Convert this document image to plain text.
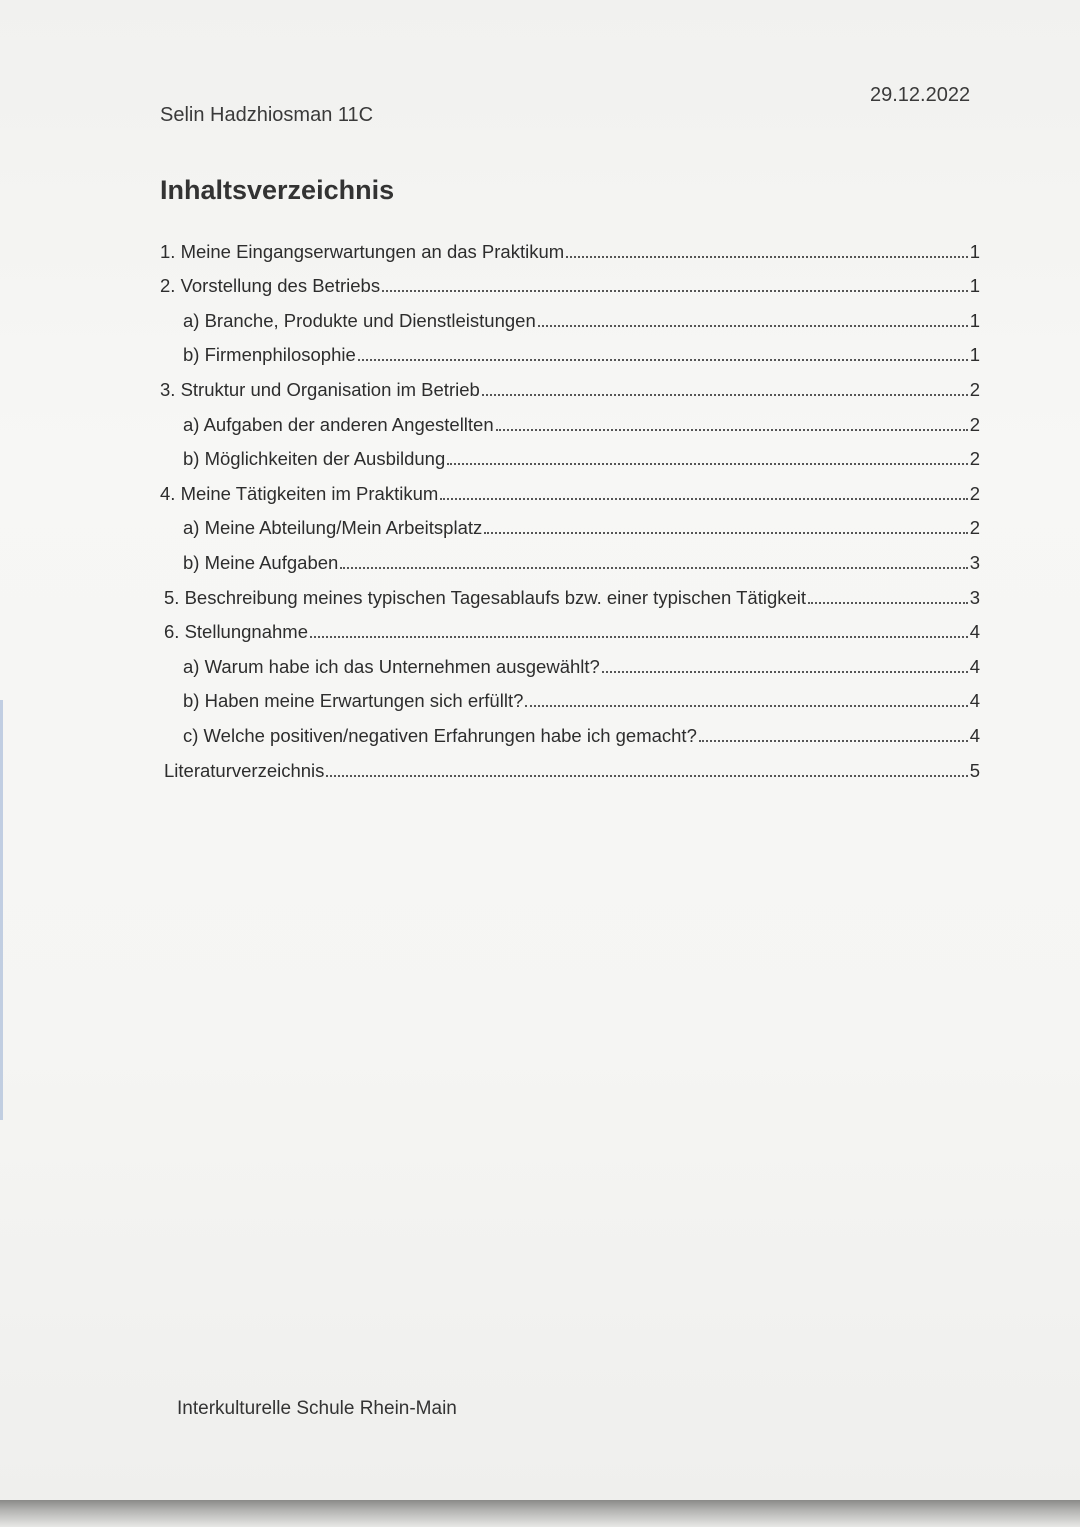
Selin Hadzhiosman 11C
29.12.2022
Inhaltsverzeichnis
1. Meine Eingangserwartungen an das Praktikum	1
2. Vorstellung des Betriebs	1
a) Branche, Produkte und Dienstleistungen	1
b) Firmenphilosophie	1
3. Struktur und Organisation im Betrieb	2
a) Aufgaben der anderen Angestellten	2
b) Möglichkeiten der Ausbildung	2
4. Meine Tätigkeiten im Praktikum	2
a) Meine Abteilung/Mein Arbeitsplatz	2
b) Meine Aufgaben	3
5. Beschreibung meines typischen Tagesablaufs bzw. einer typischen Tätigkeit	3
6. Stellungnahme	4
a) Warum habe ich das Unternehmen ausgewählt?	4
b) Haben meine Erwartungen sich erfüllt?	4
c) Welche positiven/negativen Erfahrungen habe ich gemacht?	4
Literaturverzeichnis	5
Interkulturelle Schule Rhein-Main
